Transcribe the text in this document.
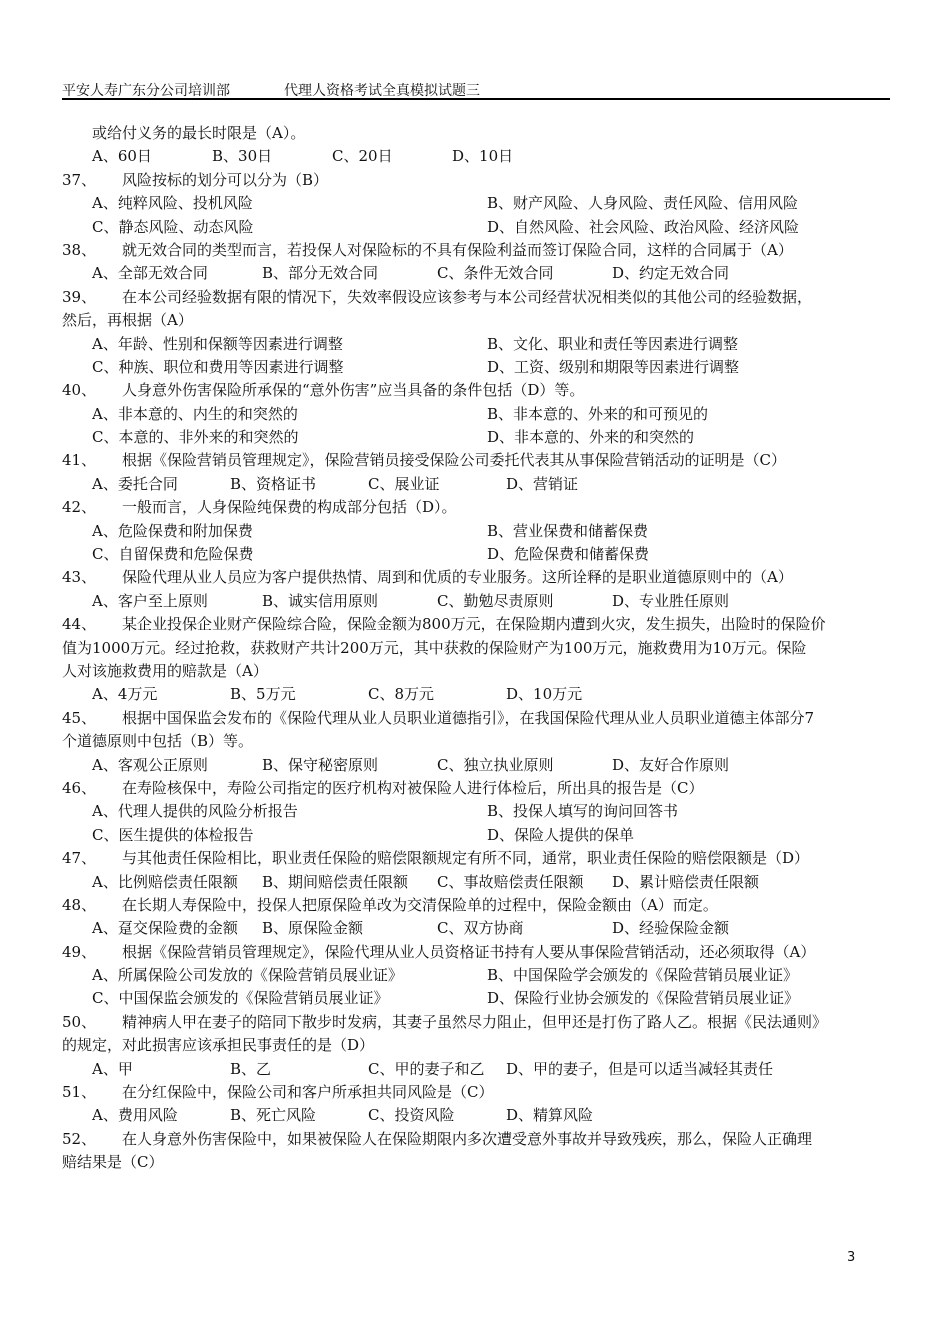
平安人寿广东分公司培训部	代理人资格考试全真模拟试题三
或给付义务的最长时限是（A）。
A、60日	B、30日	C、20日	D、10日
37、	风险按标的划分可以分为（B）
A、纯粹风险、投机风险	B、财产风险、人身风险、责任风险、信用风险
C、静态风险、动态风险	D、自然风险、社会风险、政治风险、经济风险
38、	就无效合同的类型而言，若投保人对保险标的不具有保险利益而签订保险合同，这样的合同属于（A）
A、全部无效合同	B、部分无效合同	C、条件无效合同	D、约定无效合同
39、	在本公司经验数据有限的情况下，失效率假设应该参考与本公司经营状况相类似的其他公司的经验数据，
然后，再根据（A）
A、年龄、性别和保额等因素进行调整	B、文化、职业和责任等因素进行调整
C、种族、职位和费用等因素进行调整	D、工资、级别和期限等因素进行调整
40、	人身意外伤害保险所承保的“意外伤害”应当具备的条件包括（D）等。
A、非本意的、内生的和突然的	B、非本意的、外来的和可预见的
C、本意的、非外来的和突然的	D、非本意的、外来的和突然的
41、	根据《保险营销员管理规定》，保险营销员接受保险公司委托代表其从事保险营销活动的证明是（C）
A、委托合同	B、资格证书	C、展业证	D、营销证
42、	一般而言，人身保险纯保费的构成部分包括（D）。
A、危险保费和附加保费	B、营业保费和储蓄保费
C、自留保费和危险保费	D、危险保费和储蓄保费
43、	保险代理从业人员应为客户提供热情、周到和优质的专业服务。这所诠释的是职业道德原则中的（A）
A、客户至上原则	B、诚实信用原则	C、勤勉尽责原则	D、专业胜任原则
44、	某企业投保企业财产保险综合险，保险金额为800万元，在保险期内遭到火灾，发生损失，出险时的保险价
值为1000万元。经过抢救，获救财产共计200万元，其中获救的保险财产为100万元，施救费用为10万元。保险
人对该施救费用的赔款是（A）
A、4万元	B、5万元	C、8万元	D、10万元
45、	根据中国保监会发布的《保险代理从业人员职业道德指引》，在我国保险代理从业人员职业道德主体部分7
个道德原则中包括（B）等。
A、客观公正原则	B、保守秘密原则	C、独立执业原则	D、友好合作原则
46、	在寿险核保中，寿险公司指定的医疗机构对被保险人进行体检后，所出具的报告是（C）
A、代理人提供的风险分析报告	B、投保人填写的询问回答书
C、医生提供的体检报告	D、保险人提供的保单
47、	与其他责任保险相比，职业责任保险的赔偿限额规定有所不同，通常，职业责任保险的赔偿限额是（D）
A、比例赔偿责任限额	B、期间赔偿责任限额	C、事故赔偿责任限额	D、累计赔偿责任限额
48、	在长期人寿保险中，投保人把原保险单改为交清保险单的过程中，保险金额由（A）而定。
A、趸交保险费的金额	B、原保险金额	C、双方协商	D、经验保险金额
49、	根据《保险营销员管理规定》，保险代理从业人员资格证书持有人要从事保险营销活动，还必须取得（A）
A、所属保险公司发放的《保险营销员展业证》	B、中国保险学会颁发的《保险营销员展业证》
C、中国保监会颁发的《保险营销员展业证》	D、保险行业协会颁发的《保险营销员展业证》
50、	精神病人甲在妻子的陪同下散步时发病，其妻子虽然尽力阻止，但甲还是打伤了路人乙。根据《民法通则》
的规定，对此损害应该承担民事责任的是（D）
A、甲	B、乙	C、甲的妻子和乙	D、甲的妻子，但是可以适当减轻其责任
51、	在分红保险中，保险公司和客户所承担共同风险是（C）
A、费用风险	B、死亡风险	C、投资风险	D、精算风险
52、	在人身意外伤害保险中，如果被保险人在保险期限内多次遭受意外事故并导致残疾，那么，保险人正确理
赔结果是（C）
3
